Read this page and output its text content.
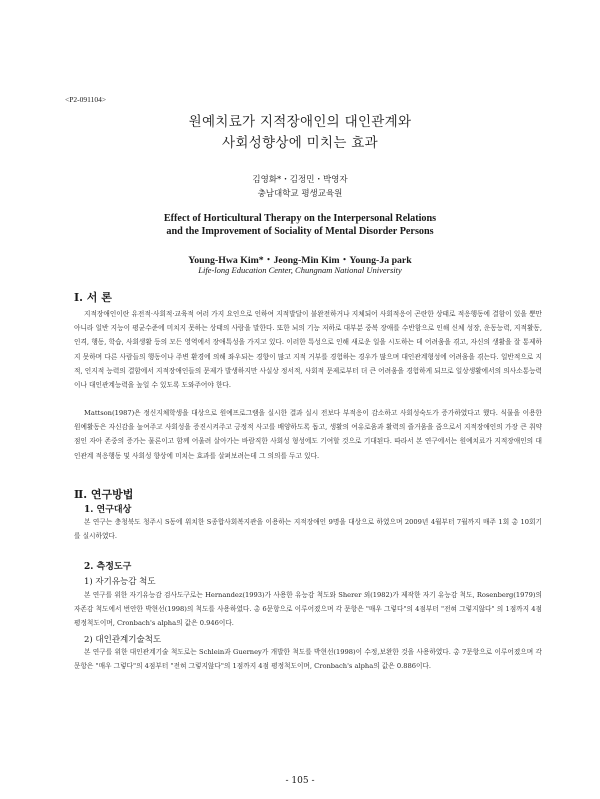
<P2-091104>
원예치료가 지적장애인의 대인관계와
사회성향상에 미치는 효과
김영화*・김정민・박영자
충남대학교 평생교육원
Effect of Horticultural Therapy on the Interpersonal Relations
and the Improvement of Sociality of Mental Disorder Persons
Young-Hwa Kim*・Jeong-Min Kim・Young-Ja park
Life-long Education Center, Chungnam National University
Ⅰ. 서 론

지적장애인이란 유전적·사회적·교육적 여러 가지 요인으로 인하여 지적발달이 불완전하거나 지체되어 사회적응이 곤란한 상태로 적응행동에 결함이 있을 뿐만 아니라 일반 지능이 평균수준에 미치지 못하는 상태의 사람을 말한다. 또한 뇌의 기능 저하로 대부분 중복 장애를 수반함으로 인해 신체 성장, 운동능력, 지적활동, 인격, 행동, 학습, 사회생활 등의 모든 영역에서 장애특성을 가지고 있다. 이러한 특성으로 인해 새로운 일을 시도하는 데 어려움을 겪고, 자신의 생활을 잘 통제하지 못하며 다른 사람들의 행동이나 주변 환경에 의해 좌우되는 경향이 많고 지적 거부를 경험하는 경우가 많으며 대인관계형성에 어려움을 겪는다. 일반적으로 지적, 인지적 능력의 결함에서 지적장애인들의 문제가 발생하지만 사실상 정서적, 사회적 문제로부터 더 큰 어려움을 경험하게 되므로 일상생활에서의 의사소통능력이나 대인관계능력을 높일 수 있도록 도와주어야 한다.

Mattson(1987)은 정신지체학생을 대상으로 원예프로그램을 실시한 결과 실시 전보다 부적응이 감소하고 사회성숙도가 증가하였다고 했다. 식물을 이용한 원예활동은 자신감을 높여주고 사회성을 증진시켜주고 긍정적 사고를 배양하도록 돕고, 생활의 여유로움과 활력의 즐거움을 줌으로서 지적장애인의 가장 큰 취약점인 자아 존중의 증가는 물론이고 함께 어울려 살아가는 바람직한 사회성 형성에도 기여할 것으로 기대된다. 따라서 본 연구에서는 원예치료가 지적장애인의 대인관계 적응행동 및 사회성 향상에 미치는 효과를 살펴보려는데 그 의의를 두고 있다.

Ⅱ. 연구방법
1. 연구대상

본 연구는 충청북도 청주시 S동에 위치한 S종합사회복지관을 이용하는 지적장애인 9명을 대상으로 하였으며 2009년 4월부터 7월까지 매주 1회 총 10회기를 실시하였다.

2. 측정도구
1) 자기유능감 척도

본 연구를 위한 자기유능감 검사도구로는 Hernandez(1993)가 사용한 유능감 척도와 Sherer 외(1982)가 제작한 자기 유능감 척도, Rosenberg(1979)의 자존감 척도에서 번안한 박현선(1998)의 척도를 사용하였다. 총 6문항으로 이루어졌으며 각 문항은 "매우 그렇다"의 4점부터 "전혀 그렇지않다" 의 1점까지 4점 평정척도이며, Cronbach's alpha의 값은 0.946이다.

2) 대인관계기술척도

본 연구를 위한 대인관계기술 척도로는 Schlein과 Guerney가 개발한 척도를 박현선(1998)이 수정,보완한 것을 사용하였다. 총 7문항으로 이루어졌으며 각 문항은 "매우 그렇다"의 4점부터 "전혀 그렇지않다"의 1점까지 4점 평정척도이며, Cronbach's alpha의 값은 0.886이다.

- 105 -
